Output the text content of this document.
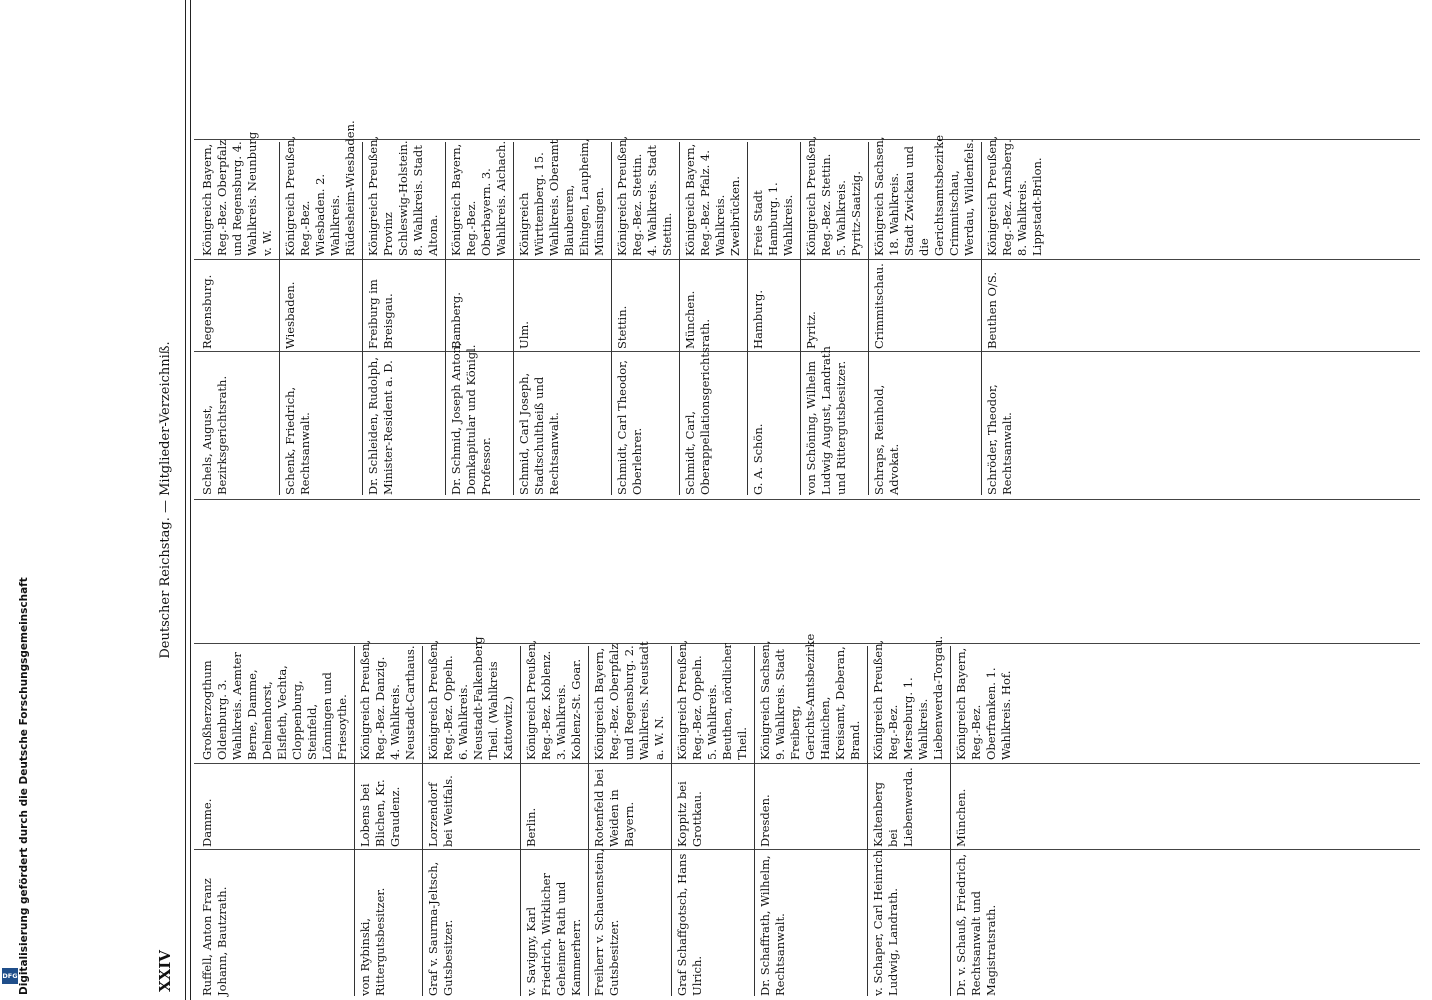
XXIV
Deutscher Reichstag. — Mitglieder-Verzeichniß.
Ruffell, Anton Franz
Johann, Bautzrath.
Damme.
Großherzogthum
Oldenburg. 3.
Wahlkreis. Aemter
Berne, Damme,
Delmenhorst,
Elsfleth, Vechta,
Cloppenburg,
Steinfeld,
Lönningen und
Friesoythe.
von Rybinski,
Rittergutsbesitzer.
Lobens bei
Blichen, Kr.
Graudenz.
Königreich Preußen,
Reg.-Bez. Danzig.
4. Wahlkreis.
Neustadt-Carthaus.
Graf v. Saurma-Jeltsch,
Gutsbesitzer.
Lorzendorf
bei Weitfals.
Königreich Preußen,
Reg.-Bez. Oppeln.
6. Wahlkreis.
Neustadt-Falkenberg
Theil. (Wahlkreis
Kattowitz.)
v. Savigny, Karl
Friedrich, Wirklicher
Geheimer Rath und
Kammerherr.
Berlin.
Königreich Preußen,
Reg.-Bez. Koblenz.
3. Wahlkreis.
Koblenz-St. Goar.
Freiherr v. Schauenstein,
Gutsbesitzer.
Rotenfeld bei
Weiden in
Bayern.
Königreich Bayern,
Reg.-Bez. Oberpfalz
und Regensburg. 2.
Wahlkreis. Neustadt
a. W. N.
Graf Schaffgotsch, Hans
Ulrich.
Koppitz bei
Grottkau.
Königreich Preußen,
Reg.-Bez. Oppeln.
5. Wahlkreis.
Beuthen, nördlicher
Theil.
Dr. Schaffrath, Wilhelm,
Rechtsanwalt.
Dresden.
Königreich Sachsen,
9. Wahlkreis. Stadt
Freiberg,
Gerichts-Amtsbezirke
Hainichen,
Kreisamt, Deberan,
Brand.
v. Schaper, Carl Heinrich
Ludwig, Landrath.
Kaltenberg
bei
Liebenwerda.
Königreich Preußen,
Reg.-Bez.
Merseburg. 1.
Wahlkreis.
Liebenwerda-Torgau.
Dr. v. Schauß, Friedrich,
Rechtsanwalt und
Magistratsrath.
München.
Königreich Bayern,
Reg.-Bez.
Oberfranken. 1.
Wahlkreis. Hof.
Schels, August,
Bezirksgerichtsrath.
Regensburg.
Königreich Bayern,
Reg.-Bez. Oberpfalz
und Regensburg. 4.
Wahlkreis. Neunburg
v. W.
Schenk, Friedrich,
Rechtsanwalt.
Wiesbaden.
Königreich Preußen,
Reg.-Bez.
Wiesbaden. 2.
Wahlkreis.
Rüdesheim-Wiesbaden.
Dr. Schleiden, Rudolph,
Minister-Resident a. D.
Freiburg im
Breisgau.
Königreich Preußen,
Provinz
Schleswig-Holstein.
8. Wahlkreis. Stadt
Altona.
Dr. Schmid, Joseph Anton,
Domkapitular und Königl.
Professor.
Bamberg.
Königreich Bayern,
Reg.-Bez.
Oberbayern. 3.
Wahlkreis. Aichach.
Schmid, Carl Joseph,
Stadtschultheiß und
Rechtsanwalt.
Ulm.
Königreich
Württemberg. 15.
Wahlkreis. Oberamt
Blaubeuren,
Ehingen, Laupheim,
Münsingen.
Schmidt, Carl Theodor,
Oberlehrer.
Stettin.
Königreich Preußen,
Reg.-Bez. Stettin.
4. Wahlkreis. Stadt
Stettin.
Schmidt, Carl,
Oberappellationsgerichtsrath.
München.
Königreich Bayern,
Reg.-Bez. Pfalz. 4.
Wahlkreis.
Zweibrücken.
G. A. Schön.
Hamburg.
Freie Stadt
Hamburg. 1.
Wahlkreis.
von Schöning, Wilhelm
Ludwig August, Landrath
und Rittergutsbesitzer.
Pyritz.
Königreich Preußen,
Reg.-Bez. Stettin.
5. Wahlkreis.
Pyritz-Saatzig.
Schraps, Reinhold,
Advokat.
Crimmitschau.
Königreich Sachsen,
18. Wahlkreis.
Stadt Zwickau und
die
Gerichtsamtsbezirke
Crimmitschau,
Werdau, Wildenfels.
Schröder, Theodor,
Rechtsanwalt.
Beuthen O/S.
Königreich Preußen,
Reg.-Bez. Arnsberg.
8. Wahlkreis.
Lippstadt-Brilon.
DFG Digitalisierung gefördert durch die Deutsche Forschungsgemeinschaft
